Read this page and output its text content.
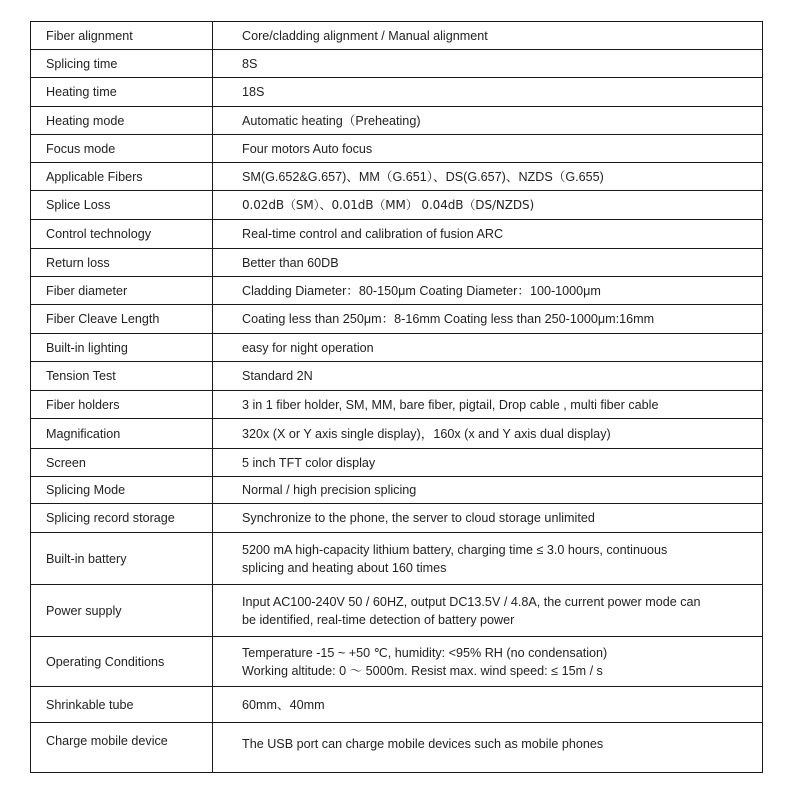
Fiber alignment	Core/cladding alignment / Manual alignment

Splicing time	8S

Heating time	18S

Heating mode	Automatic heating（Preheating)

Focus mode	Four motors Auto focus

Applicable Fibers	SM(G.652&G.657)、MM（G.651）、DS(G.657)、NZDS（G.655)

Splice Loss	0.02dB（SM）、0.01dB（MM） 0.04dB（DS/NZDS)

Control technology	Real-time control and calibration of fusion ARC

Return loss	Better than 60DB

Fiber diameter	Cladding Diameter：80-150μm Coating Diameter：100-1000μm

Fiber Cleave Length	Coating less than 250μm：8-16mm Coating less than 250-1000μm:16mm

Built-in lighting	easy for night operation

Tension Test	Standard 2N

Fiber holders	3 in 1 fiber holder, SM, MM, bare fiber, pigtail, Drop cable , multi fiber cable

Magnification	320x (X or Y axis single display)，160x (x and Y axis dual display)

Screen	5 inch TFT color display

Splicing Mode	Normal / high precision splicing

Splicing record storage	Synchronize to the phone, the server to cloud storage unlimited

Built-in battery	5200 mA high-capacity lithium battery, charging time ≤ 3.0 hours, continuous
splicing and heating about 160 times

Power supply	Input AC100-240V 50 / 60HZ, output DC13.5V / 4.8A, the current power mode can
be identified, real-time detection of battery power

Operating Conditions	Temperature -15 ~ +50 ℃, humidity: <95% RH (no condensation)
Working altitude: 0 ～ 5000m. Resist max. wind speed: ≤ 15m / s

Shrinkable tube	60mm、40mm

Charge mobile device	The USB port can charge mobile devices such as mobile phones
